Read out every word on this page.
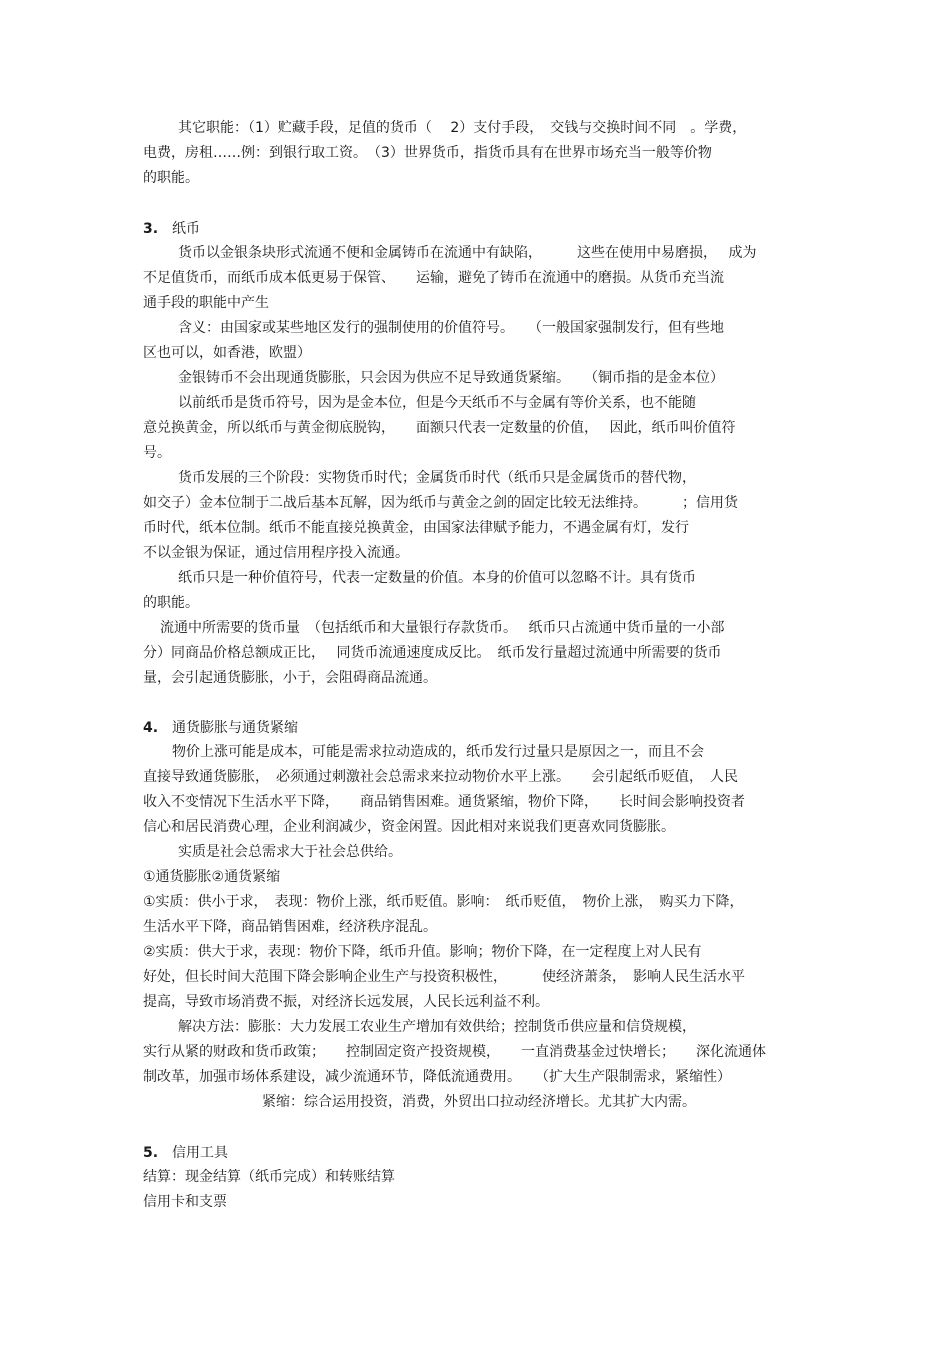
其它职能：（1）贮藏手段，足值的货币（　 2）支付手段，　交钱与交换时间不同　。学费，
电费，房租……例：到银行取工资。　（3）世界货币，指货币具有在世界市场充当一般等价物
的职能。
3. 纸币
货币以金银条块形式流通不便和金属铸币在流通中有缺陷，　　　这些在使用中易磨损，　 成为
不足值货币，而纸币成本低更易于保管、　　运输，避免了铸币在流通中的磨损。从货币充当流
通手段的职能中产生
含义：由国家或某些地区发行的强制使用的价值符号。　　（一般国家强制发行，但有些地
区也可以，如香港，欧盟）
金银铸币不会出现通货膨胀，只会因为供应不足导致通货紧缩。　　（铜币指的是金本位）
以前纸币是货币符号，因为是金本位，但是今天纸币不与金属有等价关系，也不能随
意兑换黄金，所以纸币与黄金彻底脱钩，　　面额只代表一定数量的价值，　 因此，纸币叫价值符
号。
货币发展的三个阶段：实物货币时代；金属货币时代（纸币只是金属货币的替代物，
如交子）金本位制于二战后基本瓦解，因为纸币与黄金之剑的固定比较无法维持。　　　；信用货
币时代，纸本位制。纸币不能直接兑换黄金，由国家法律赋予能力，不遇金属有灯，发行
不以金银为保证，通过信用程序投入流通。
纸币只是一种价值符号，代表一定数量的价值。本身的价值可以忽略不计。具有货币
的职能。
流通中所需要的货币量　（包括纸币和大量银行存款货币。　 纸币只占流通中货币量的一小部
分）同商品价格总额成正比，　 同货币流通速度成反比。　纸币发行量超过流通中所需要的货币
量，会引起通货膨胀，小于，会阻碍商品流通。
4. 通货膨胀与通货紧缩
物价上涨可能是成本，可能是需求拉动造成的，纸币发行过量只是原因之一，而且不会
直接导致通货膨胀，　必须通过刺激社会总需求来拉动物价水平上涨。　　会引起纸币贬值，　人民
收入不变情况下生活水平下降，　　商品销售困难。通货紧缩，物价下降，　　长时间会影响投资者
信心和居民消费心理，企业利润减少，资金闲置。因此相对来说我们更喜欢同货膨胀。
实质是社会总需求大于社会总供给。
①通货膨胀②通货紧缩
①实质：供小于求，　表现：物价上涨，纸币贬值。影响：　纸币贬值，　物价上涨，　购买力下降，
生活水平下降，商品销售困难，经济秩序混乱。
②实质：供大于求，表现：物价下降，纸币升值。影响；物价下降，在一定程度上对人民有
好处，但长时间大范围下降会影响企业生产与投资积极性，　　　使经济萧条，　影响人民生活水平
提高，导致市场消费不振，对经济长远发展，人民长远利益不利。
解决方法：膨胀：大力发展工农业生产增加有效供给；控制货币供应量和信贷规模，
实行从紧的财政和货币政策；　　控制固定资产投资规模，　　一直消费基金过快增长；　　深化流通体
制改革，加强市场体系建设，减少流通环节，降低流通费用。　　（扩大生产限制需求，紧缩性）
紧缩：综合运用投资，消费，外贸出口拉动经济增长。尤其扩大内需。
5. 信用工具
结算：现金结算（纸币完成）和转账结算
信用卡和支票
